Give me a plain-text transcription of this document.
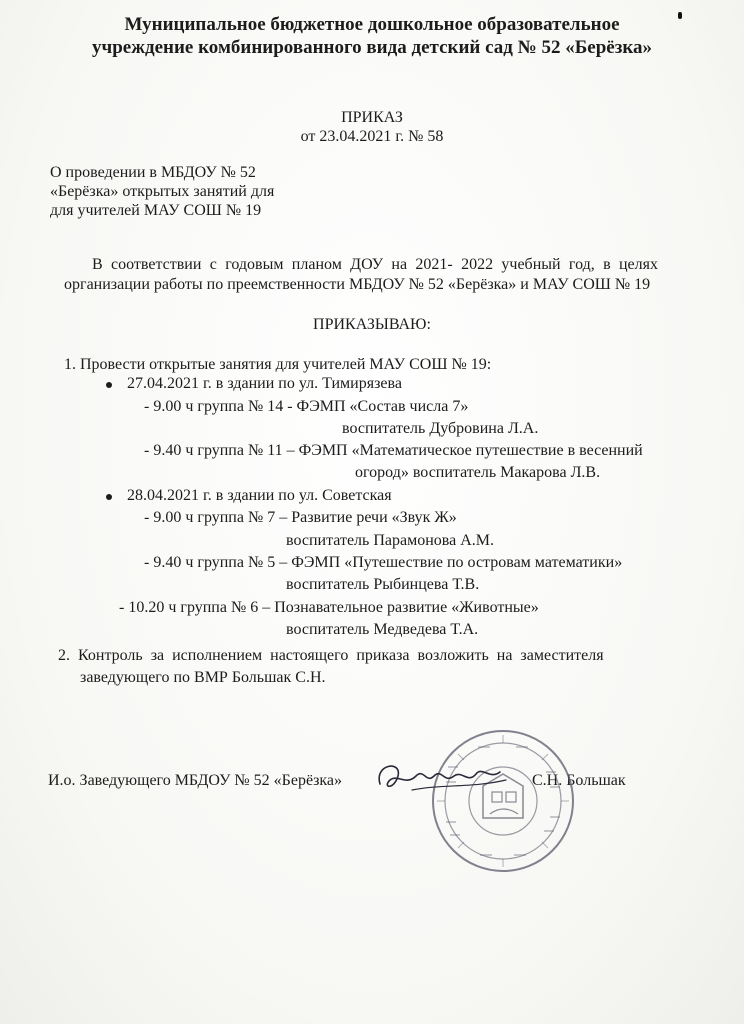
Муниципальное бюджетное дошкольное образовательное
учреждение комбинированного вида детский сад № 52 «Берёзка»
ПРИКАЗ
от 23.04.2021 г. № 58
О проведении в МБДОУ № 52
«Берёзка» открытых занятий для
для учителей МАУ СОШ № 19
В соответствии с годовым планом ДОУ на 2021- 2022 учебный год, в целях организации работы по преемственности МБДОУ № 52 «Берёзка» и МАУ СОШ № 19
ПРИКАЗЫВАЮ:
1. Провести открытые занятия для учителей МАУ СОШ № 19:
27.04.2021 г. в здании по ул. Тимирязева
- 9.00 ч группа № 14 - ФЭМП «Состав числа 7»
воспитатель Дубровина Л.А.
- 9.40 ч группа № 11 – ФЭМП «Математическое путешествие в весенний
огород» воспитатель Макарова Л.В.
28.04.2021 г. в здании по ул. Советская
- 9.00 ч группа № 7 – Развитие речи «Звук Ж»
воспитатель Парамонова А.М.
- 9.40 ч группа № 5 – ФЭМП «Путешествие по островам математики»
воспитатель Рыбинцева Т.В.
- 10.20 ч группа № 6 – Познавательное развитие «Животные»
воспитатель Медведева Т.А.
2.  Контроль  за  исполнением  настоящего  приказа  возложить  на  заместителя
заведующего по ВМР Большак С.Н.
И.о. Заведующего МБДОУ № 52 «Берёзка»	С.Н. Большак
